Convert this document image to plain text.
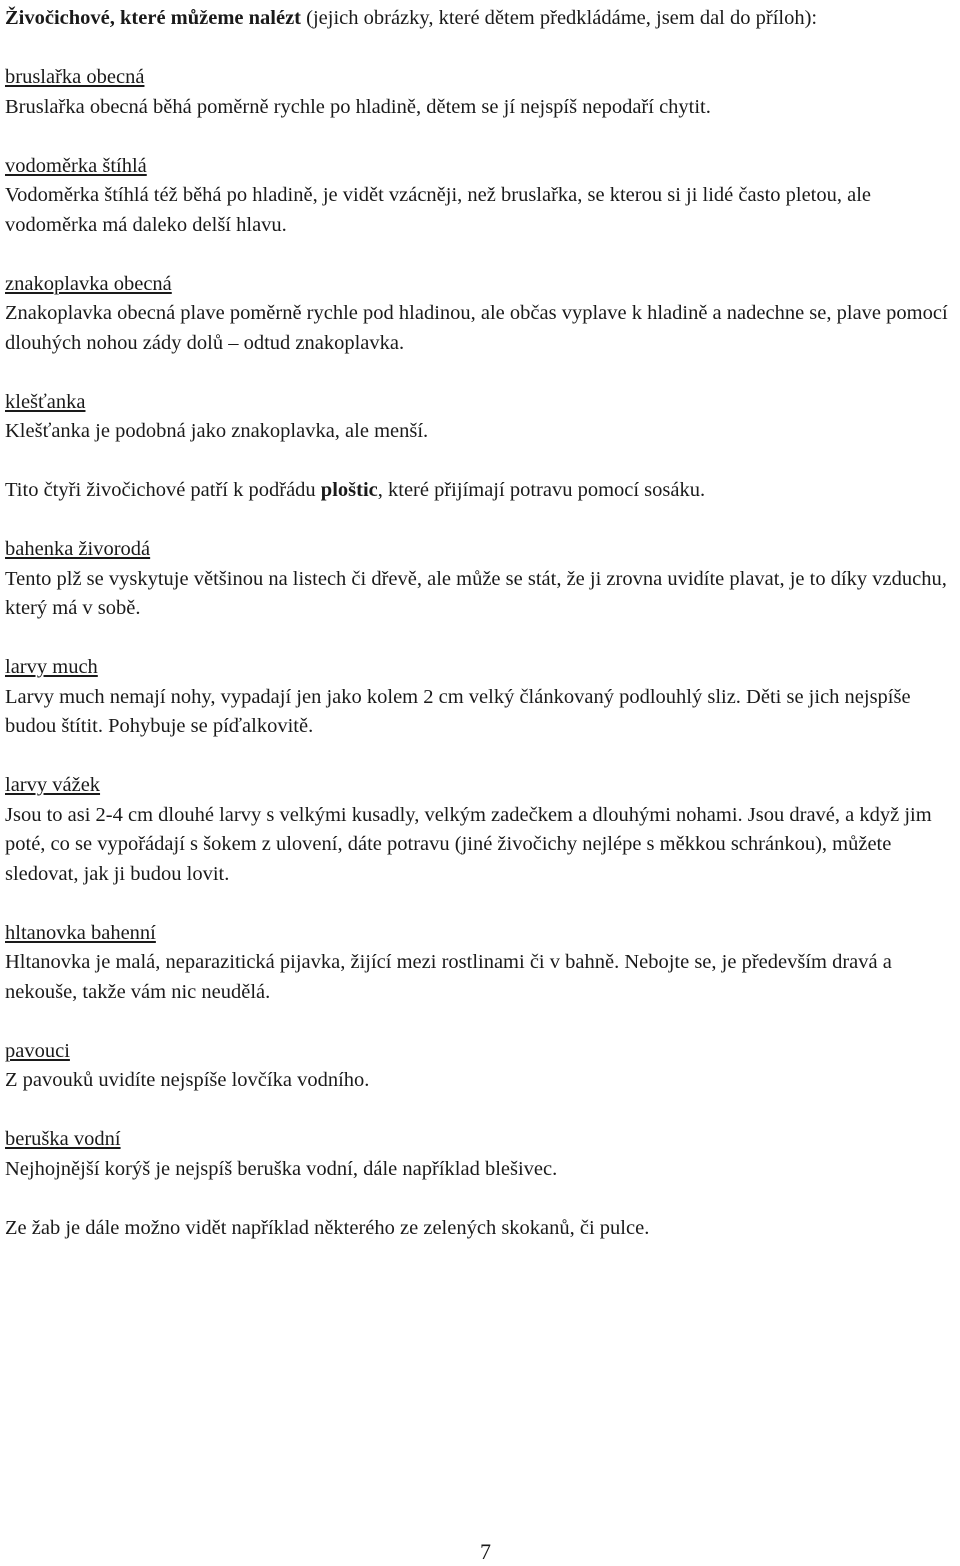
Živočichové, které můžeme nalézt (jejich obrázky, které dětem předkládáme, jsem dal do příloh):

bruslařka obecná

Bruslařka obecná běhá poměrně rychle po hladině, dětem se jí nejspíš nepodaří chytit.

vodoměrka štíhlá

Vodoměrka štíhlá též běhá po hladině, je vidět vzácněji, než bruslařka, se kterou si ji lidé často pletou, ale vodoměrka má daleko delší hlavu.

znakoplavka obecná

Znakoplavka obecná plave poměrně rychle pod hladinou, ale občas vyplave k hladině a nadechne se, plave pomocí dlouhých nohou zády dolů – odtud znakoplavka.

klešťanka

Klešťanka je podobná jako znakoplavka, ale menší.

Tito čtyři živočichové patří k podřádu ploštic, které přijímají potravu pomocí sosáku.

bahenka živorodá

Tento plž se vyskytuje většinou na listech či dřevě, ale může se stát, že ji zrovna uvidíte plavat, je to díky vzduchu, který má v sobě.

larvy much

Larvy much nemají nohy, vypadají jen jako kolem 2 cm velký článkovaný podlouhlý sliz. Děti se jich nejspíše budou štítit. Pohybuje se píďalkovitě.

larvy vážek

Jsou to asi 2-4 cm dlouhé larvy s velkými kusadly, velkým zadečkem a dlouhými nohami. Jsou dravé, a když jim poté, co se vypořádají s šokem z ulovení, dáte potravu (jiné živočichy nejlépe s měkkou schránkou), můžete sledovat, jak ji budou lovit.

hltanovka bahenní

Hltanovka je malá, neparazitická pijavka, žijící mezi rostlinami či v bahně. Nebojte se, je především dravá a nekouše, takže vám nic neudělá.

pavouci

Z pavouků uvidíte nejspíše lovčíka vodního.

beruška vodní

Nejhojnější korýš je nejspíš beruška vodní, dále například blešivec.

Ze žab je dále možno vidět například některého ze zelených skokanů, či pulce.

7
